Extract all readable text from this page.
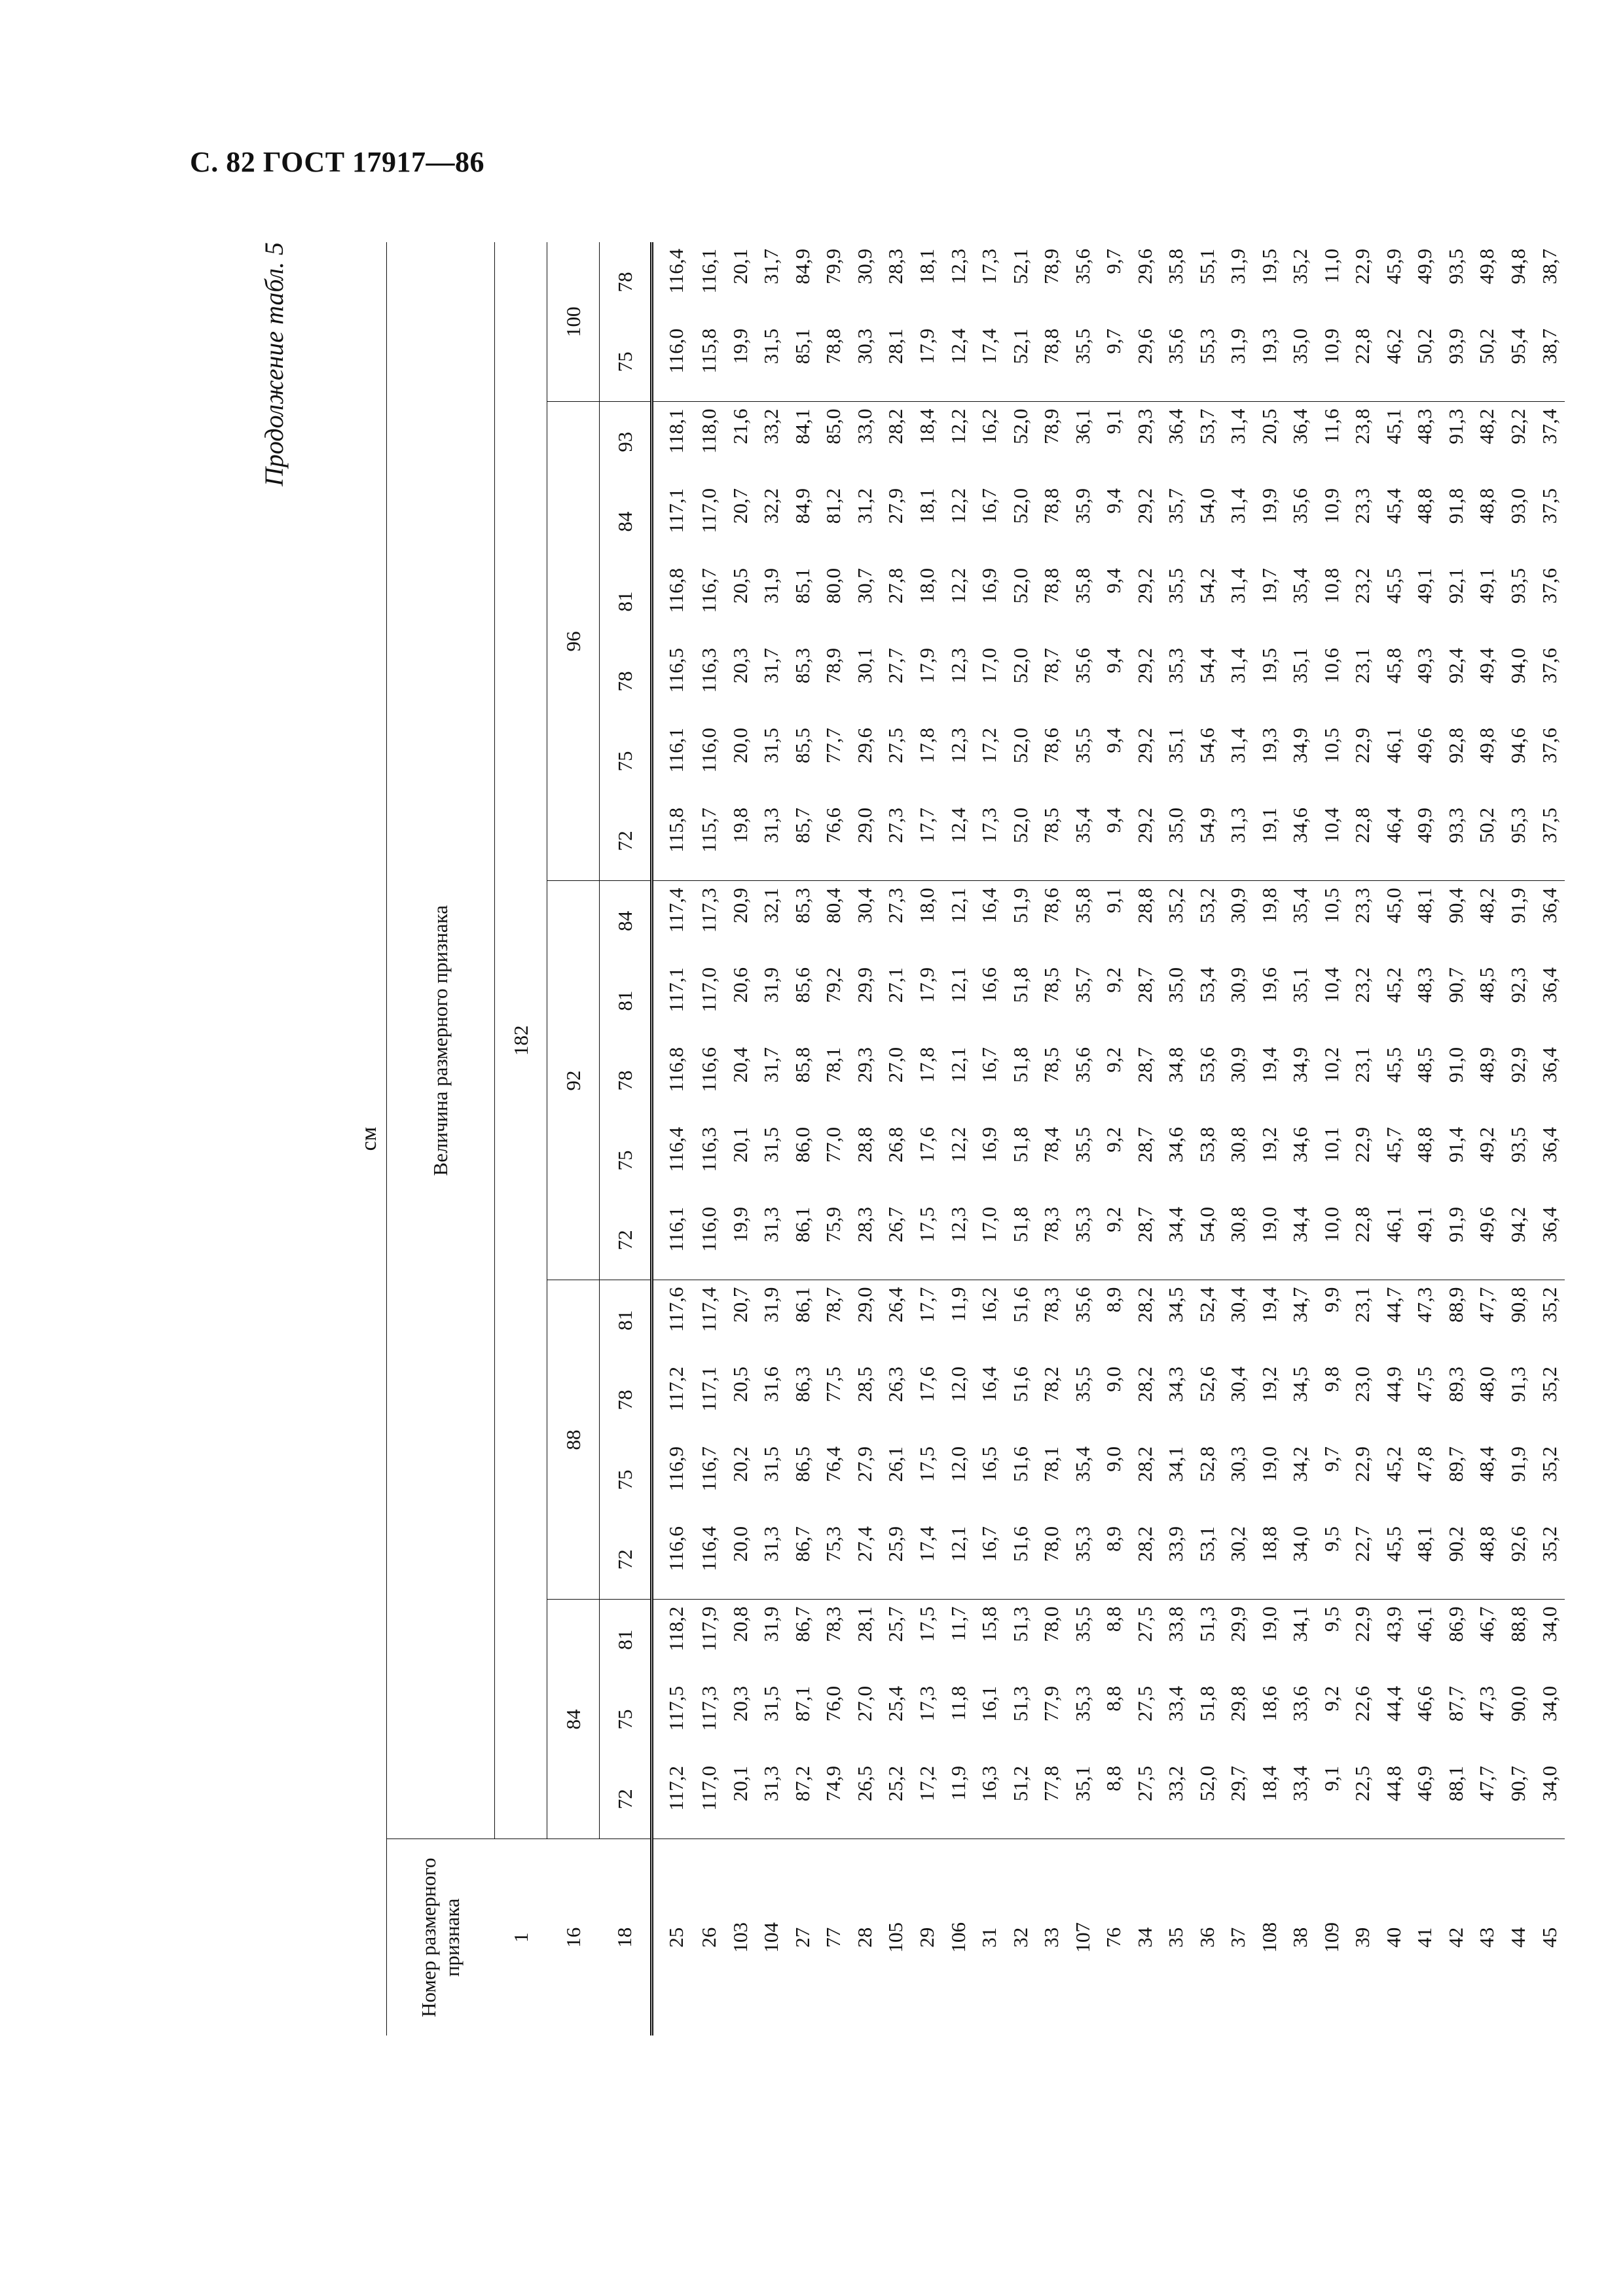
С. 82 ГОСТ 17917—86
Продолжение табл. 5
см
Номер размерного признака	Величина размерного признака																			
1	182																			
16	84			88				92					96						100	
18	72	75	81	72	75	78	81	72	75	78	81	84	72	75	78	81	84	93	75	78
25	117,2	117,5	118,2	116,6	116,9	117,2	117,6	116,1	116,4	116,8	117,1	117,4	115,8	116,1	116,5	116,8	117,1	118,1	116,0	116,4
26	117,0	117,3	117,9	116,4	116,7	117,1	117,4	116,0	116,3	116,6	117,0	117,3	115,7	116,0	116,3	116,7	117,0	118,0	115,8	116,1
103	20,1	20,3	20,8	20,0	20,2	20,5	20,7	19,9	20,1	20,4	20,6	20,9	19,8	20,0	20,3	20,5	20,7	21,6	19,9	20,1
104	31,3	31,5	31,9	31,3	31,5	31,6	31,9	31,3	31,5	31,7	31,9	32,1	31,3	31,5	31,7	31,9	32,2	33,2	31,5	31,7
27	87,2	87,1	86,7	86,7	86,5	86,3	86,1	86,1	86,0	85,8	85,6	85,3	85,7	85,5	85,3	85,1	84,9	84,1	85,1	84,9
77	74,9	76,0	78,3	75,3	76,4	77,5	78,7	75,9	77,0	78,1	79,2	80,4	76,6	77,7	78,9	80,0	81,2	85,0	78,8	79,9
28	26,5	27,0	28,1	27,4	27,9	28,5	29,0	28,3	28,8	29,3	29,9	30,4	29,0	29,6	30,1	30,7	31,2	33,0	30,3	30,9
105	25,2	25,4	25,7	25,9	26,1	26,3	26,4	26,7	26,8	27,0	27,1	27,3	27,3	27,5	27,7	27,8	27,9	28,2	28,1	28,3
29	17,2	17,3	17,5	17,4	17,5	17,6	17,7	17,5	17,6	17,8	17,9	18,0	17,7	17,8	17,9	18,0	18,1	18,4	17,9	18,1
106	11,9	11,8	11,7	12,1	12,0	12,0	11,9	12,3	12,2	12,1	12,1	12,1	12,4	12,3	12,3	12,2	12,2	12,2	12,4	12,3
31	16,3	16,1	15,8	16,7	16,5	16,4	16,2	17,0	16,9	16,7	16,6	16,4	17,3	17,2	17,0	16,9	16,7	16,2	17,4	17,3
32	51,2	51,3	51,3	51,6	51,6	51,6	51,6	51,8	51,8	51,8	51,8	51,9	52,0	52,0	52,0	52,0	52,0	52,0	52,1	52,1
33	77,8	77,9	78,0	78,0	78,1	78,2	78,3	78,3	78,4	78,5	78,5	78,6	78,5	78,6	78,7	78,8	78,8	78,9	78,8	78,9
107	35,1	35,3	35,5	35,3	35,4	35,5	35,6	35,3	35,5	35,6	35,7	35,8	35,4	35,5	35,6	35,8	35,9	36,1	35,5	35,6
76	8,8	8,8	8,8	8,9	9,0	9,0	8,9	9,2	9,2	9,2	9,2	9,1	9,4	9,4	9,4	9,4	9,4	9,1	9,7	9,7
34	27,5	27,5	27,5	28,2	28,2	28,2	28,2	28,7	28,7	28,7	28,7	28,8	29,2	29,2	29,2	29,2	29,2	29,3	29,6	29,6
35	33,2	33,4	33,8	33,9	34,1	34,3	34,5	34,4	34,6	34,8	35,0	35,2	35,0	35,1	35,3	35,5	35,7	36,4	35,6	35,8
36	52,0	51,8	51,3	53,1	52,8	52,6	52,4	54,0	53,8	53,6	53,4	53,2	54,9	54,6	54,4	54,2	54,0	53,7	55,3	55,1
37	29,7	29,8	29,9	30,2	30,3	30,4	30,4	30,8	30,8	30,9	30,9	30,9	31,3	31,4	31,4	31,4	31,4	31,4	31,9	31,9
108	18,4	18,6	19,0	18,8	19,0	19,2	19,4	19,0	19,2	19,4	19,6	19,8	19,1	19,3	19,5	19,7	19,9	20,5	19,3	19,5
38	33,4	33,6	34,1	34,0	34,2	34,5	34,7	34,4	34,6	34,9	35,1	35,4	34,6	34,9	35,1	35,4	35,6	36,4	35,0	35,2
109	9,1	9,2	9,5	9,5	9,7	9,8	9,9	10,0	10,1	10,2	10,4	10,5	10,4	10,5	10,6	10,8	10,9	11,6	10,9	11,0
39	22,5	22,6	22,9	22,7	22,9	23,0	23,1	22,8	22,9	23,1	23,2	23,3	22,8	22,9	23,1	23,2	23,3	23,8	22,8	22,9
40	44,8	44,4	43,9	45,5	45,2	44,9	44,7	46,1	45,7	45,5	45,2	45,0	46,4	46,1	45,8	45,5	45,4	45,1	46,2	45,9
41	46,9	46,6	46,1	48,1	47,8	47,5	47,3	49,1	48,8	48,5	48,3	48,1	49,9	49,6	49,3	49,1	48,8	48,3	50,2	49,9
42	88,1	87,7	86,9	90,2	89,7	89,3	88,9	91,9	91,4	91,0	90,7	90,4	93,3	92,8	92,4	92,1	91,8	91,3	93,9	93,5
43	47,7	47,3	46,7	48,8	48,4	48,0	47,7	49,6	49,2	48,9	48,5	48,2	50,2	49,8	49,4	49,1	48,8	48,2	50,2	49,8
44	90,7	90,0	88,8	92,6	91,9	91,3	90,8	94,2	93,5	92,9	92,3	91,9	95,3	94,6	94,0	93,5	93,0	92,2	95,4	94,8
45	34,0	34,0	34,0	35,2	35,2	35,2	35,2	36,4	36,4	36,4	36,4	36,4	37,5	37,6	37,6	37,6	37,5	37,4	38,7	38,7
